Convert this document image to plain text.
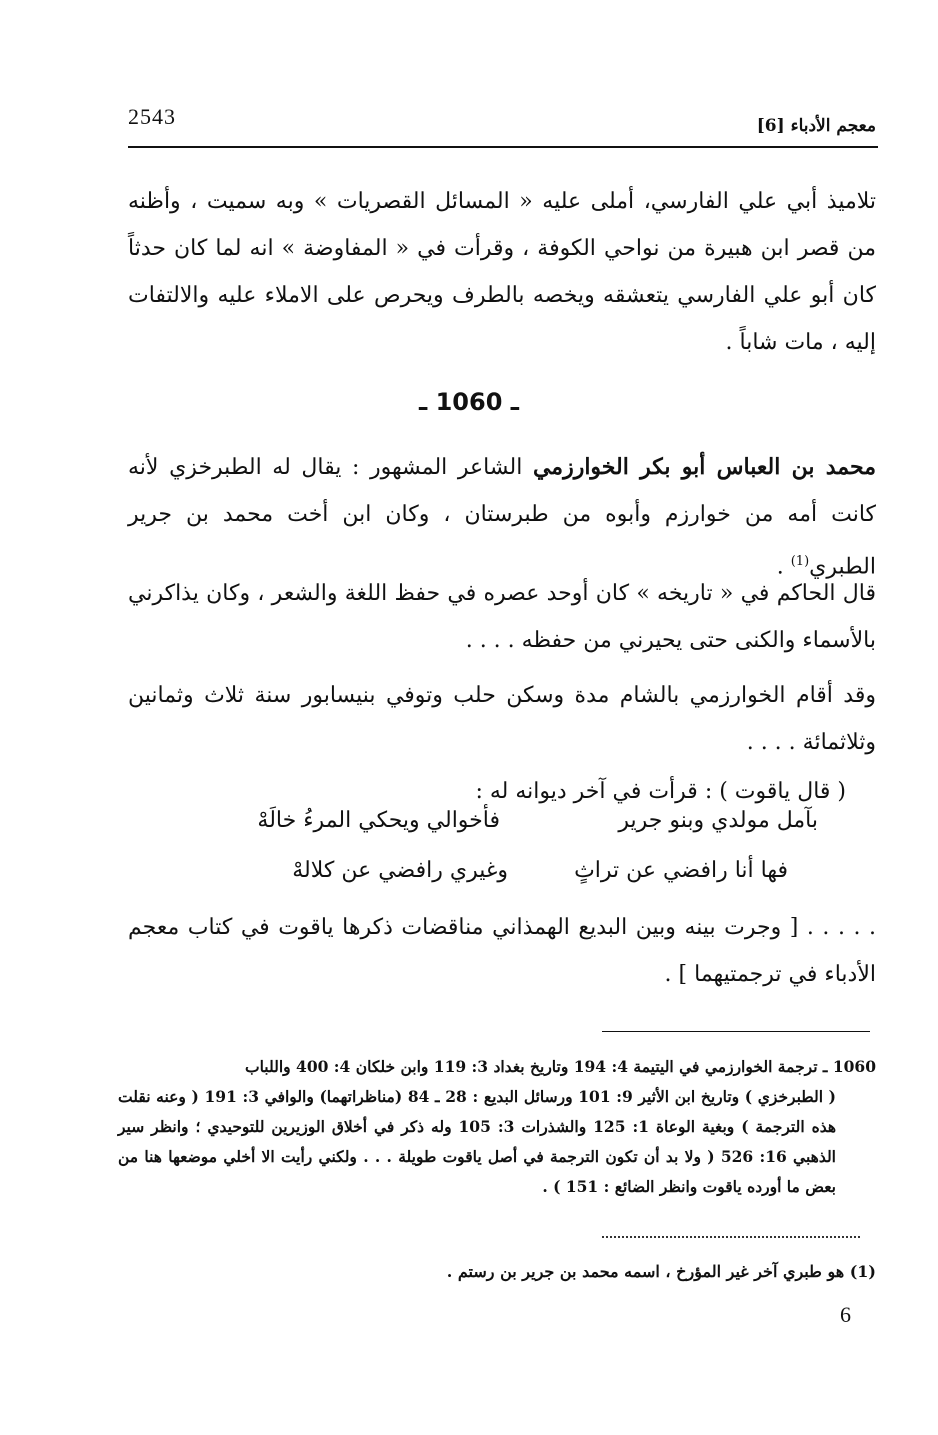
2543	معجم الأدباء [6]
تلاميذ أبي علي الفارسي، أملى عليه « المسائل القصريات » وبه سميت ، وأظنه من قصر ابن هبيرة من نواحي الكوفة ، وقرأت في « المفاوضة » انه لما كان حدثاً كان أبو علي الفارسي يتعشقه ويخصه بالطرف ويحرص على الاملاء عليه والالتفات إليه ، مات شاباً .
ـ 1060 ـ
محمد بن العباس أبو بكر الخوارزمي الشاعر المشهور : يقال له الطبرخزي لأنه كانت أمه من خوارزم وأبوه من طبرستان ، وكان ابن أخت محمد بن جرير الطبري$^{(1)}$ .
قال الحاكم في « تاريخه » كان أوحد عصره في حفظ اللغة والشعر ، وكان يذاكرني بالأسماء والكنى حتى يحيرني من حفظه . . . .
وقد أقام الخوارزمي بالشام مدة وسكن حلب وتوفي بنيسابور سنة ثلاث وثمانين وثلاثمائة . . . .
( قال ياقوت ) : قرأت في آخر ديوانه له :
بآمل مولدي وبنو جرير
فأخوالي ويحكي المرءُ خالَهْ
فها أنا رافضي عن تراثٍ
وغيري رافضي عن كلالهْ
. . . . . [ وجرت بينه وبين البديع الهمذاني مناقضات ذكرها ياقوت في كتاب معجم الأدباء في ترجمتيهما ] .
1060 ـ ترجمة الخوارزمي في اليتيمة 4: 194 وتاريخ بغداد 3: 119 وابن خلكان 4: 400 واللباب
( الطبرخزي ) وتاريخ ابن الأثير 9: 101 ورسائل البديع : 28 ـ 84 (مناظراتهما) والوافي 3: 191 ( وعنه نقلت هذه الترجمة ) وبغية الوعاة 1: 125 والشذرات 3: 105 وله ذكر في أخلاق الوزيرين للتوحيدي ؛ وانظر سير الذهبي 16: 526 ( ولا بد أن تكون الترجمة في أصل ياقوت طويلة . . . ولكني رأيت الا أخلي موضعها هنا من بعض ما أورده ياقوت وانظر الضائع : 151 ) .
(1) هو طبري آخر غير المؤرخ ، اسمه محمد بن جرير بن رستم .
6
